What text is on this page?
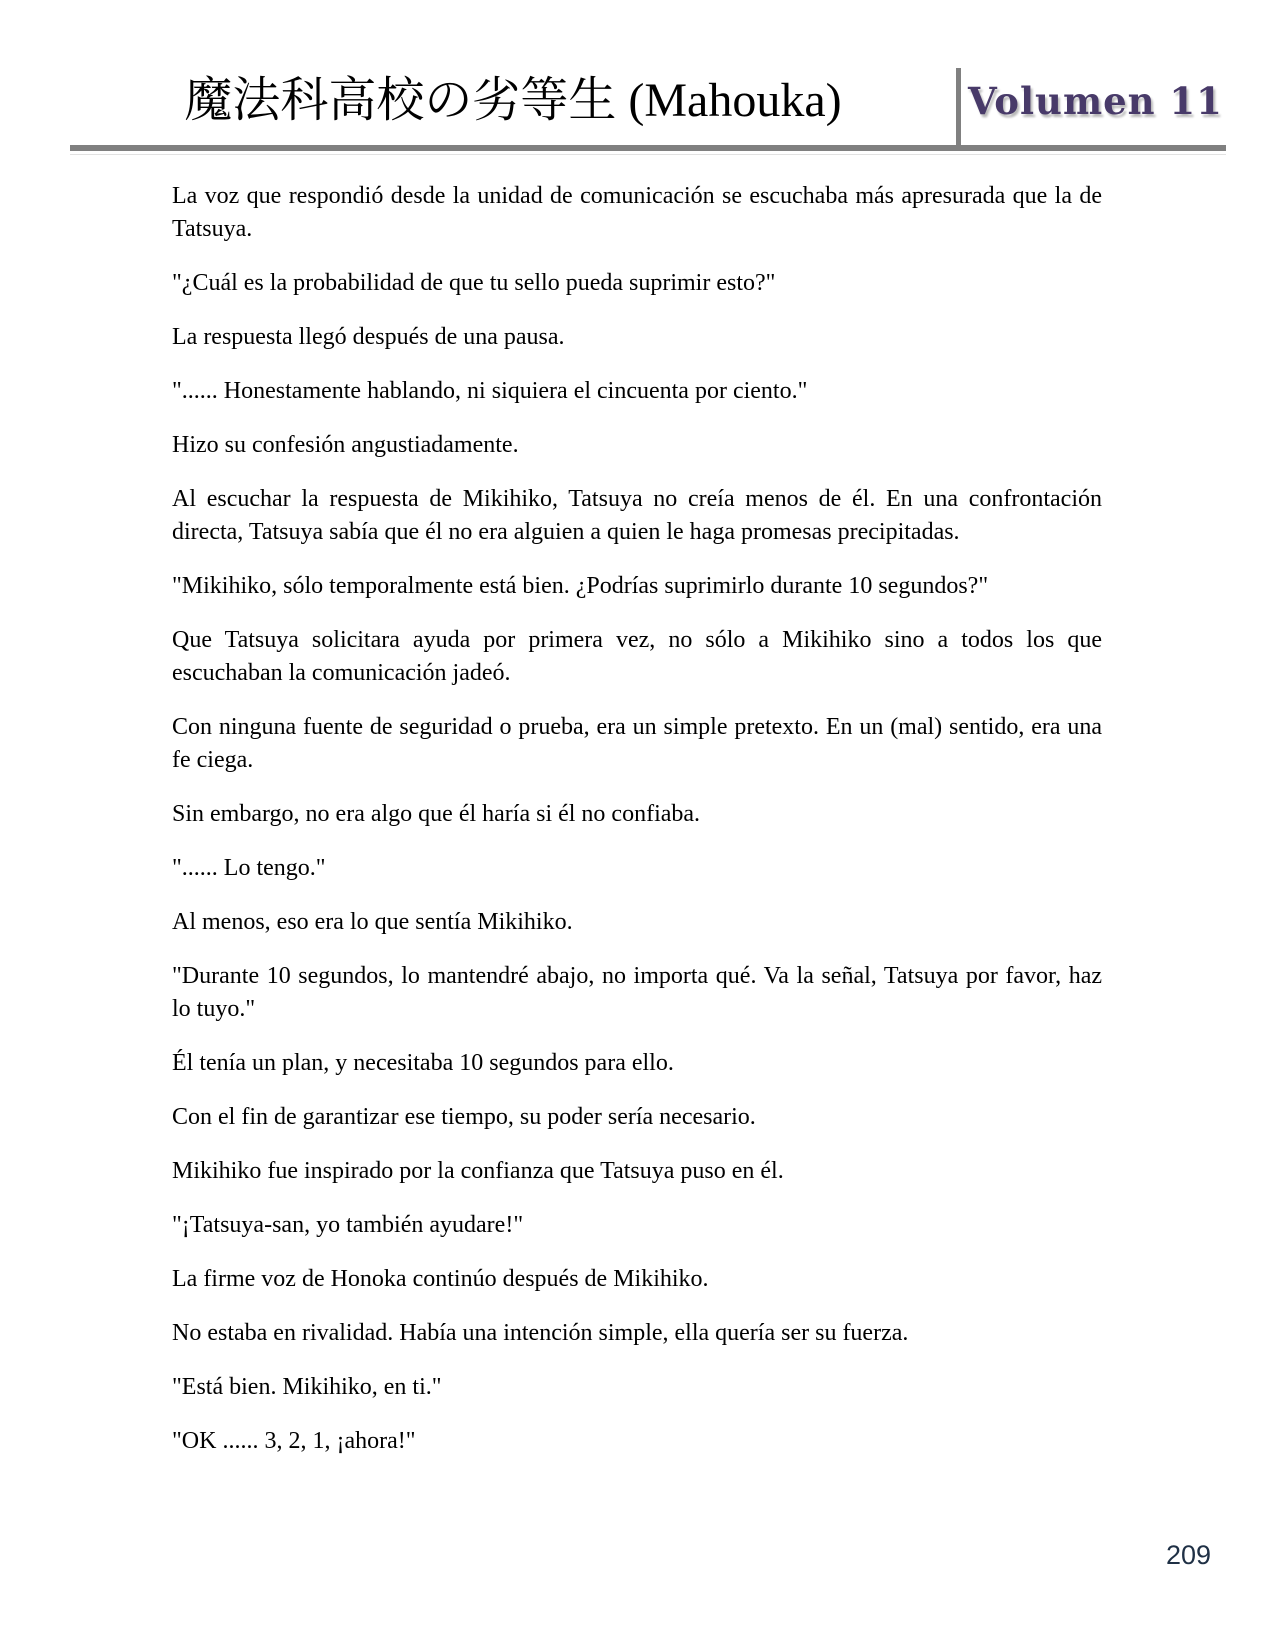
魔法科高校の劣等生 (Mahouka)	Volumen 11

La voz que respondió desde la unidad de comunicación se escuchaba más apresurada que la de Tatsuya.

"¿Cuál es la probabilidad de que tu sello pueda suprimir esto?"

La respuesta llegó después de una pausa.

"...... Honestamente hablando, ni siquiera el cincuenta por ciento."

Hizo su confesión angustiadamente.

Al escuchar la respuesta de Mikihiko, Tatsuya no creía menos de él. En una confrontación directa, Tatsuya sabía que él no era alguien a quien le haga promesas precipitadas.

"Mikihiko, sólo temporalmente está bien. ¿Podrías suprimirlo durante 10 segundos?"

Que Tatsuya solicitara ayuda por primera vez, no sólo a Mikihiko sino a todos los que escuchaban la comunicación jadeó.

Con ninguna fuente de seguridad o prueba, era un simple pretexto. En un (mal) sentido, era una fe ciega.

Sin embargo, no era algo que él haría si él no confiaba.

"...... Lo tengo."

Al menos, eso era lo que sentía Mikihiko.

"Durante 10 segundos, lo mantendré abajo, no importa qué. Va la señal, Tatsuya por favor, haz lo tuyo."

Él tenía un plan, y necesitaba 10 segundos para ello.

Con el fin de garantizar ese tiempo, su poder sería necesario.

Mikihiko fue inspirado por la confianza que Tatsuya puso en él.

"¡Tatsuya-san, yo también ayudare!"

La firme voz de Honoka continúo después de Mikihiko.

No estaba en rivalidad. Había una intención simple, ella quería ser su fuerza.

"Está bien. Mikihiko, en ti."

"OK ...... 3, 2, 1, ¡ahora!"

209
